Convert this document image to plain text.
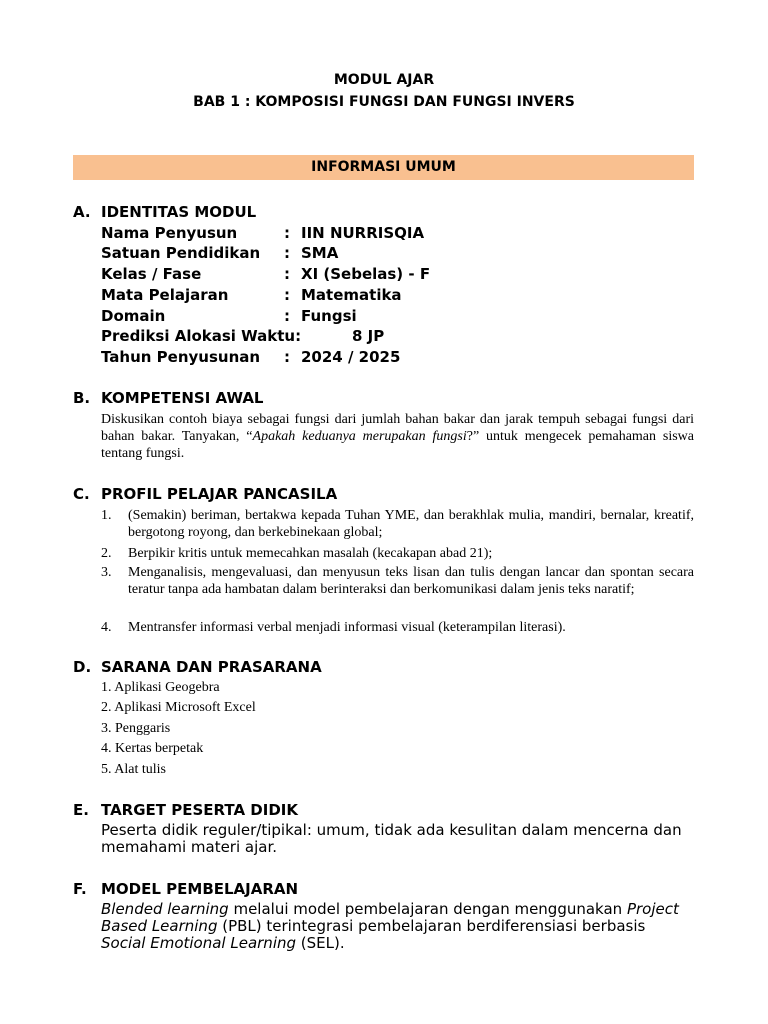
MODUL AJAR
BAB 1 : KOMPOSISI FUNGSI DAN FUNGSI INVERS
INFORMASI UMUM
A. IDENTITAS MODUL
Nama Penyusun	: IIN NURRISQIA
Satuan Pendidikan : SMA
Kelas / Fase	: XI (Sebelas) - F
Mata Pelajaran	: Matematika
Domain	: Fungsi
Prediksi Alokasi Waktu:	8 JP
Tahun Penyusunan : 2024 / 2025
B. KOMPETENSI AWAL
Diskusikan contoh biaya sebagai fungsi dari jumlah bahan bakar dan jarak tempuh sebagai fungsi dari bahan bakar. Tanyakan, “Apakah keduanya merupakan fungsi?” untuk mengecek pemahaman siswa tentang fungsi.
C. PROFIL PELAJAR PANCASILA
1. (Semakin) beriman, bertakwa kepada Tuhan YME, dan berakhlak mulia, mandiri, bernalar, kreatif, bergotong royong, dan berkebinekaan global;
2. Berpikir kritis untuk memecahkan masalah (kecakapan abad 21);
3. Menganalisis, mengevaluasi, dan menyusun teks lisan dan tulis dengan lancar dan spontan secara teratur tanpa ada hambatan dalam berinteraksi dan berkomunikasi dalam jenis teks naratif;
4. Mentransfer informasi verbal menjadi informasi visual (keterampilan literasi).
D. SARANA DAN PRASARANA
1. Aplikasi Geogebra
2. Aplikasi Microsoft Excel
3. Penggaris
4. Kertas berpetak
5. Alat tulis
E. TARGET PESERTA DIDIK
Peserta didik reguler/tipikal: umum, tidak ada kesulitan dalam mencerna dan memahami materi ajar.
F. MODEL PEMBELAJARAN
Blended learning melalui model pembelajaran dengan menggunakan Project Based Learning (PBL) terintegrasi pembelajaran berdiferensiasi berbasis Social Emotional Learning (SEL).
